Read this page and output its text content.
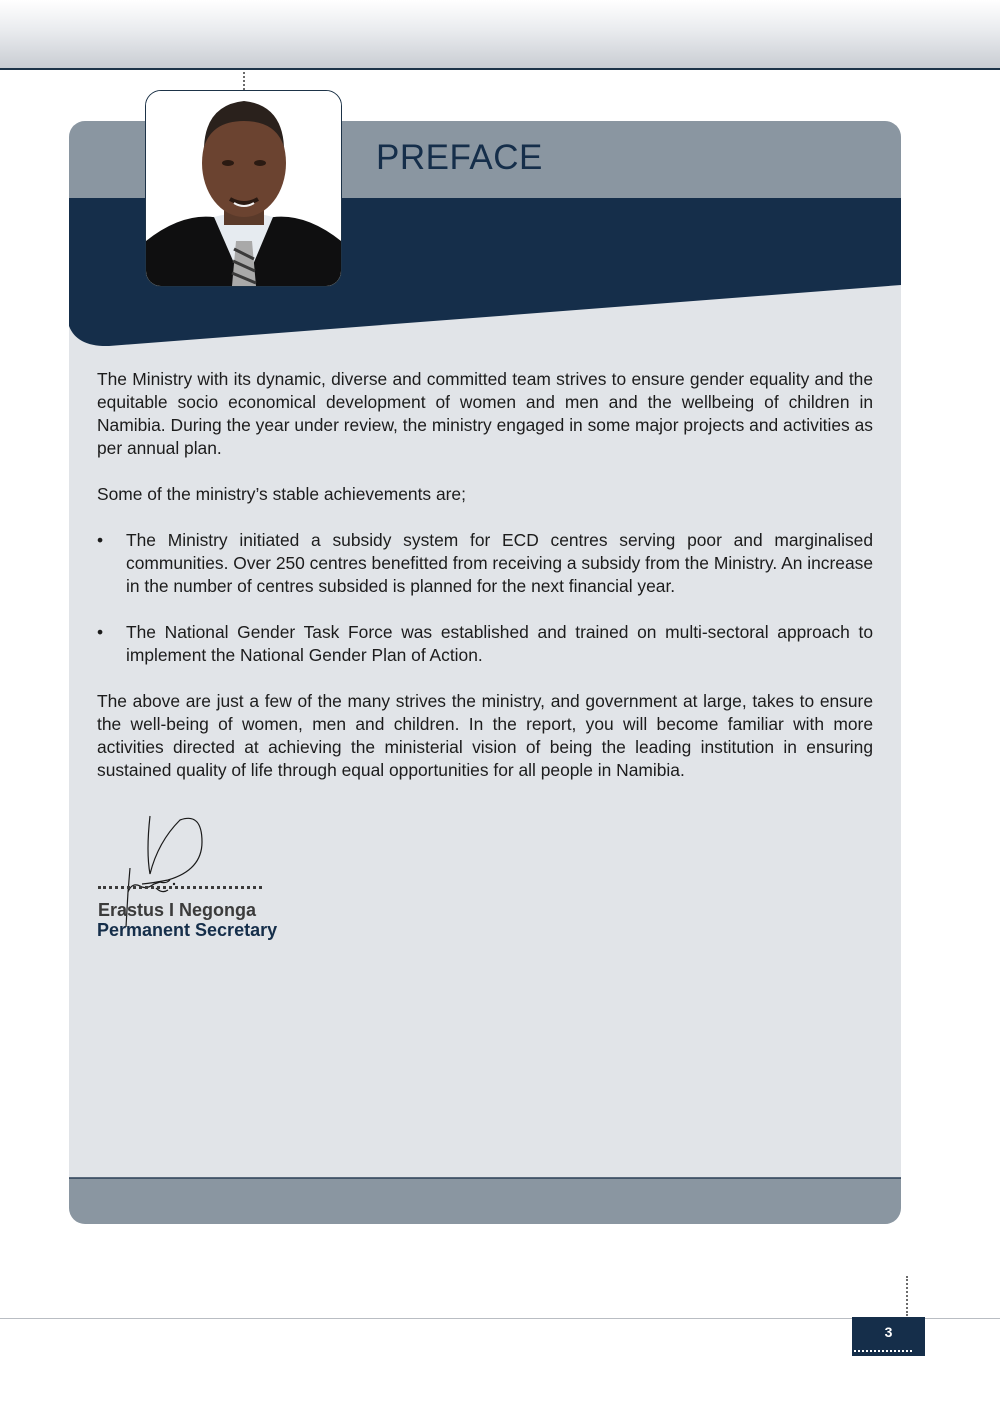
PREFACE

The Ministry with its dynamic, diverse and committed team strives to ensure gender equality and the equitable socio economical development of women and men and the wellbeing of children in Namibia. During the year under review, the ministry engaged in some major projects and activities as per annual plan.

Some of the ministry’s stable achievements are;

• The Ministry initiated a subsidy system for ECD centres serving poor and marginalised communities. Over 250 centres benefitted from receiving a subsidy from the Ministry. An increase in the number of centres subsided is planned for the next financial year.
• The National Gender Task Force was established and trained on multi-sectoral approach to implement the National Gender Plan of Action.

The above are just a few of the many strives the ministry, and government at large, takes to ensure the well-being of women, men and children. In the report, you will become familiar with more activities directed at achieving the ministerial vision of being the leading institution in ensuring sustained quality of life through equal opportunities for all people in Namibia.

Erastus I Negonga
Permanent Secretary
3
